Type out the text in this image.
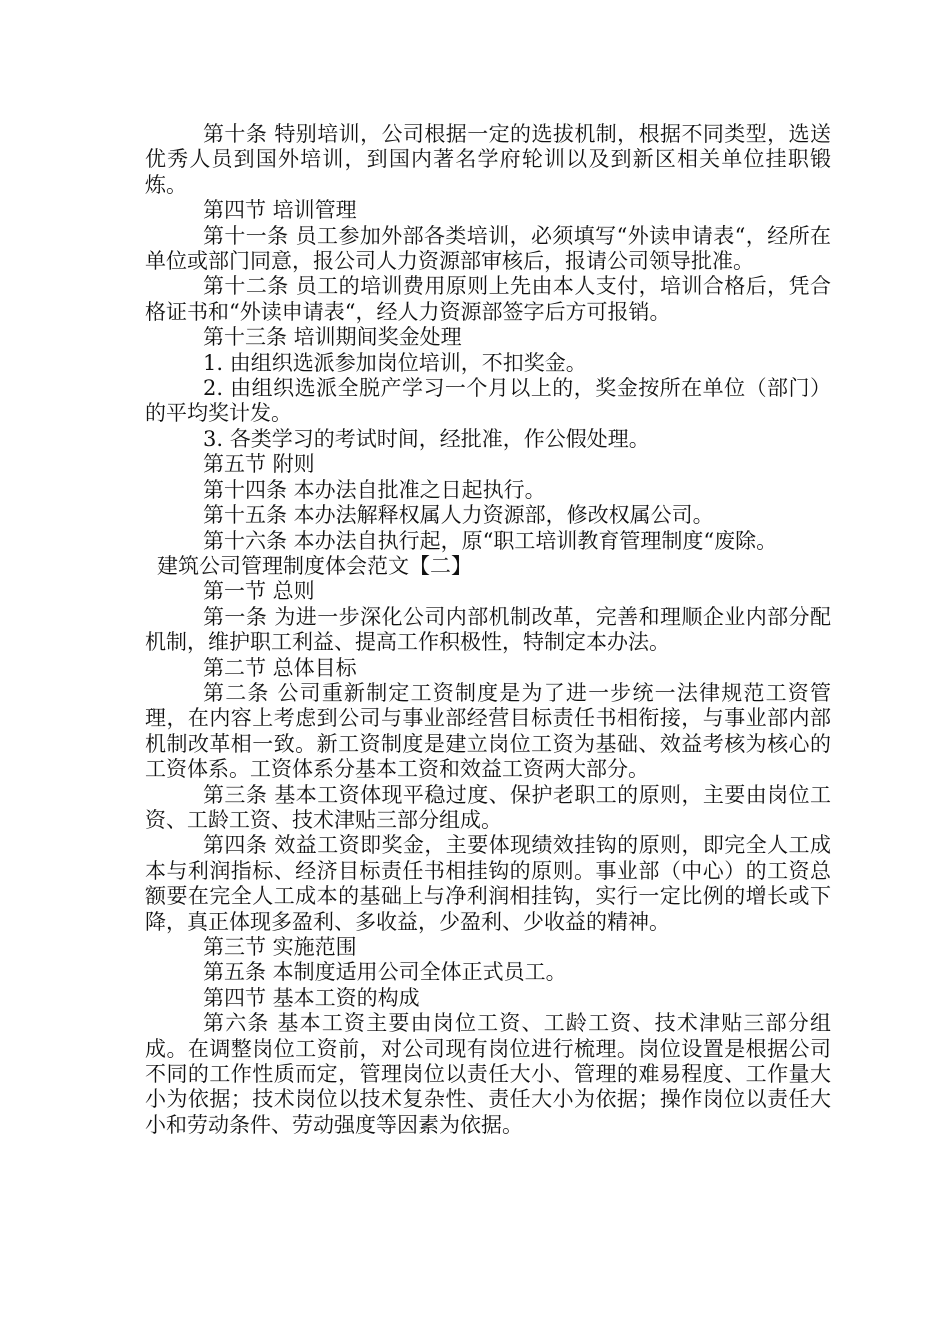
第十条 特别培训，公司根据一定的选拔机制，根据不同类型，选送优秀人员到国外培训，到国内著名学府轮训以及到新区相关单位挂职锻炼。

第四节 培训管理

第十一条 员工参加外部各类培训，必须填写“外读申请表“，经所在单位或部门同意，报公司人力资源部审核后，报请公司领导批准。

第十二条 员工的培训费用原则上先由本人支付，培训合格后，凭合格证书和“外读申请表“，经人力资源部签字后方可报销。

第十三条 培训期间奖金处理

1. 由组织选派参加岗位培训，不扣奖金。

2. 由组织选派全脱产学习一个月以上的，奖金按所在单位（部门）的平均奖计发。

3. 各类学习的考试时间，经批准，作公假处理。

第五节 附则

第十四条 本办法自批准之日起执行。

第十五条 本办法解释权属人力资源部，修改权属公司。

第十六条 本办法自执行起，原“职工培训教育管理制度“废除。

建筑公司管理制度体会范文【二】

第一节 总则

第一条 为进一步深化公司内部机制改革，完善和理顺企业内部分配机制，维护职工利益、提高工作积极性，特制定本办法。

第二节 总体目标

第二条 公司重新制定工资制度是为了进一步统一法律规范工资管理，在内容上考虑到公司与事业部经营目标责任书相衔接，与事业部内部机制改革相一致。新工资制度是建立岗位工资为基础、效益考核为核心的工资体系。工资体系分基本工资和效益工资两大部分。

第三条 基本工资体现平稳过度、保护老职工的原则，主要由岗位工资、工龄工资、技术津贴三部分组成。

第四条 效益工资即奖金，主要体现绩效挂钩的原则，即完全人工成本与利润指标、经济目标责任书相挂钩的原则。事业部（中心）的工资总额要在完全人工成本的基础上与净利润相挂钩，实行一定比例的增长或下降，真正体现多盈利、多收益，少盈利、少收益的精神。

第三节 实施范围

第五条 本制度适用公司全体正式员工。

第四节 基本工资的构成

第六条 基本工资主要由岗位工资、工龄工资、技术津贴三部分组成。在调整岗位工资前，对公司现有岗位进行梳理。岗位设置是根据公司不同的工作性质而定，管理岗位以责任大小、管理的难易程度、工作量大小为依据；技术岗位以技术复杂性、责任大小为依据；操作岗位以责任大小和劳动条件、劳动强度等因素为依据。
